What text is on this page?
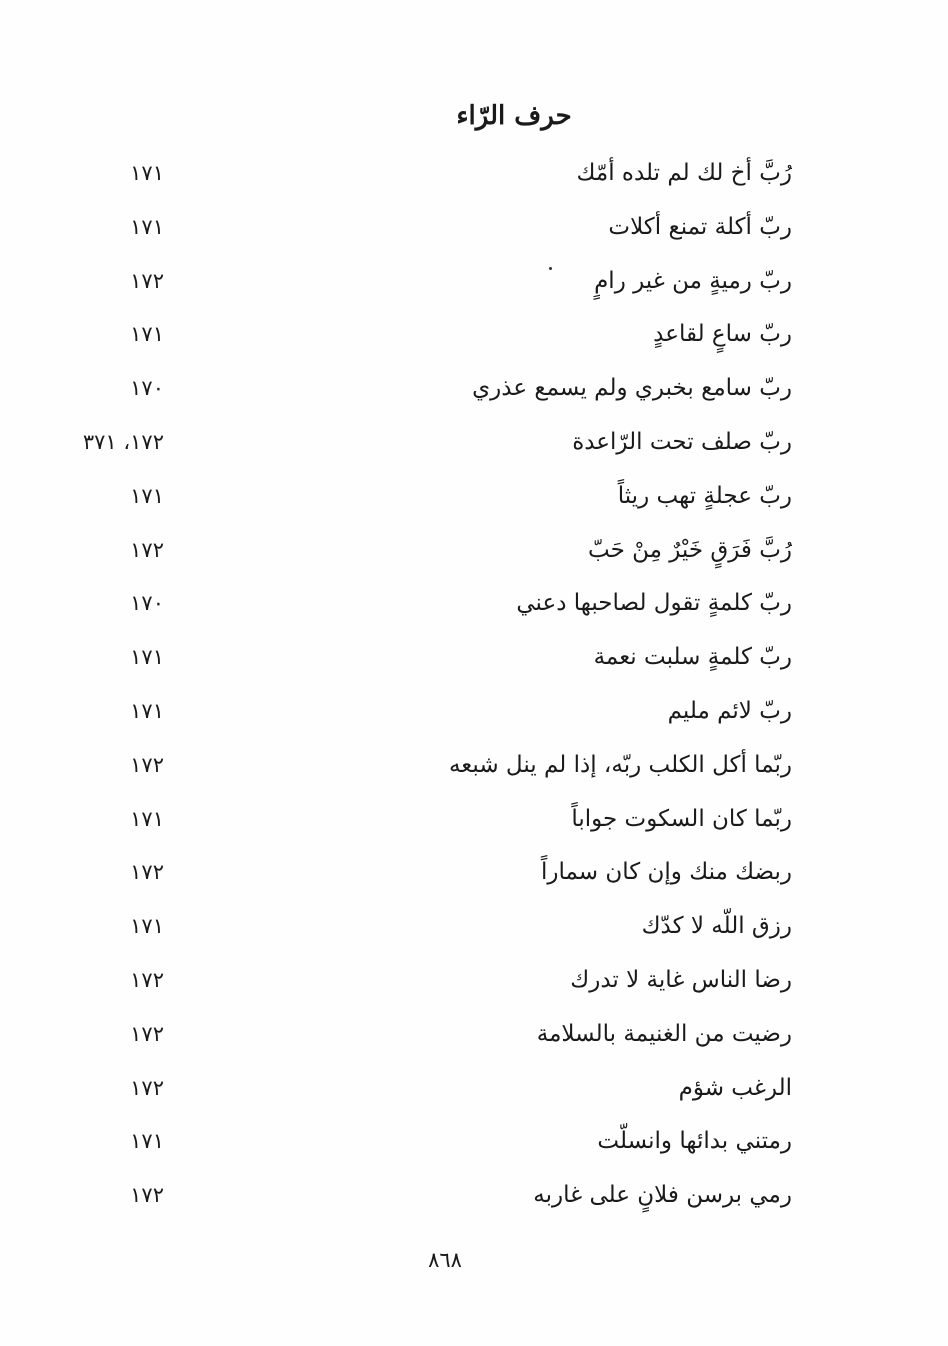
حرف الرّاء
رُبَّ أخ لك لم تلده أمّك
١٧١
ربّ أكلة تمنع أكلات
١٧١
ربّ رميةٍ من غير رامٍ
١٧٢
ربّ ساعٍ لقاعدٍ
١٧١
ربّ سامع بخبري ولم يسمع عذري
١٧٠
ربّ صلف تحت الرّاعدة
١٧٢، ٣٧١
ربّ عجلةٍ تهب ريثاً
١٧١
رُبَّ فَرَقٍ خَيْرٌ مِنْ حَبّ
١٧٢
ربّ كلمةٍ تقول لصاحبها دعني
١٧٠
ربّ كلمةٍ سلبت نعمة
١٧١
ربّ لائم مليم
١٧١
ربّما أكل الكلب ربّه، إذا لم ينل شبعه
١٧٢
ربّما كان السكوت جواباً
١٧١
ربضك منك وإن كان سماراً
١٧٢
رزق اللّه لا كدّك
١٧١
رضا الناس غاية لا تدرك
١٧٢
رضيت من الغنيمة بالسلامة
١٧٢
الرغب شؤم
١٧٢
رمتني بدائها وانسلّت
١٧١
رمي برسن فلانٍ على غاربه
١٧٢
٨٦٨
